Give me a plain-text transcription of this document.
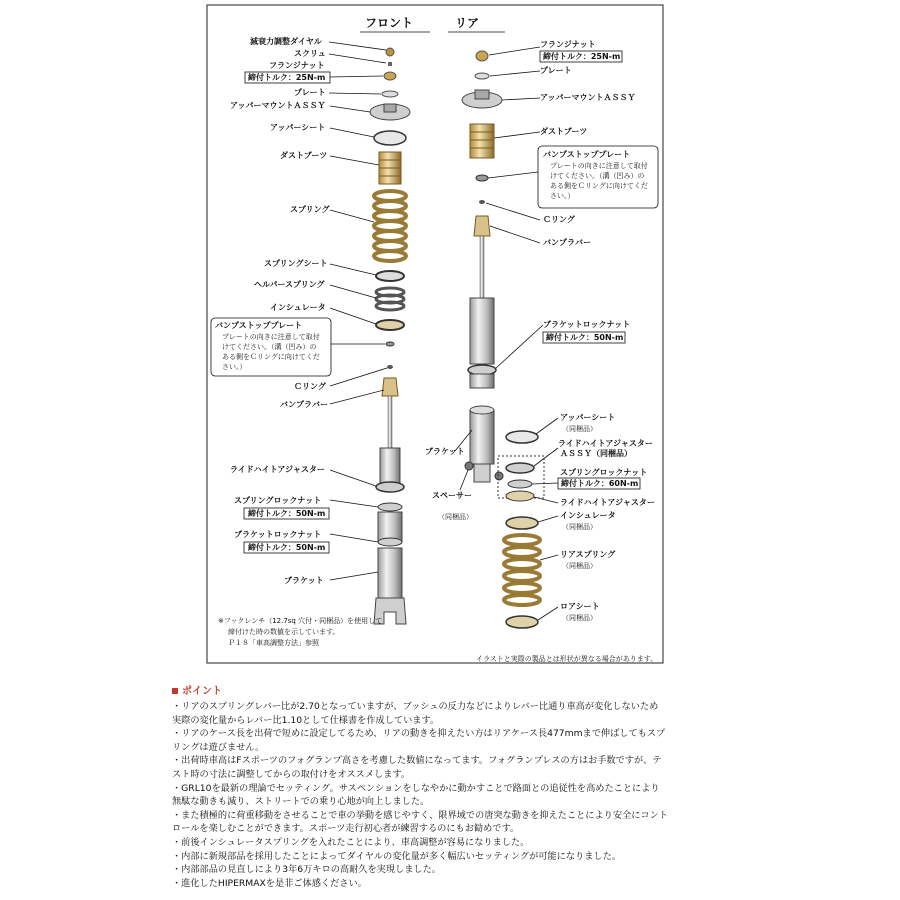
フロント	リア
減衰力調整ダイヤル
スクリュ
フランジナット
締付トルク：25N-m
プレート
アッパーマウントＡＳＳＹ
アッパーシート
ダストブーツ
スプリング
スプリングシート
ヘルパースプリング
インシュレータ
バンプストッププレート
プレートの向きに注意して取付
けてください。（溝（凹み）の
ある側をＣリングに向けてくだ
さい。）
Ｃリング
バンプラバー
ライドハイトアジャスター
スプリングロックナット
締付トルク：50N-m
ブラケットロックナット
締付トルク：50N-m
ブラケット
※フックレンチ（12.7sq 穴付・同梱品）を使用して
締付けた時の数値を示しています。
Ｐ１８「車高調整方法」参照
フランジナット
締付トルク：25N-m
プレート
アッパーマウントＡＳＳＹ
ダストブーツ
バンプストッププレート
プレートの向きに注意して取付
けてください。（溝（凹み）の
ある側をＣリングに向けてくだ
さい。）
Ｃリング
バンプラバー
ブラケットロックナット
締付トルク：50N-m
ブラケット
スペーサー
（同梱品）
アッパーシート
（同梱品）
ライドハイトアジャスター
ＡＳＳＹ（同梱品）
スプリングロックナット
締付トルク：60N-m
ライドハイトアジャスター
インシュレータ
（同梱品）
リアスプリング
（同梱品）
ロアシート
（同梱品）
イラストと実際の製品とは形状が異なる場合があります。
ポイント
・リアのスプリングレバー比が2.70となっていますが、ブッシュの反力などによりレバー比通り車高が変化しないため
実際の変化量からレバー比1.10として仕様書を作成しています。
・リアのケース長を出荷で短めに設定してるため、リアの動きを抑えたい方はリアケース長477mmまで伸ばしてもスプ
リングは遊びません。
・出荷時車高はFスポーツのフォグランプ高さを考慮した数値になってます。フォグランプレスの方はお手数ですが、テ
スト時の寸法に調整してからの取付けをオススメします。
・GRL10を最新の理論でセッティング。サスペンションをしなやかに動かすことで路面との追従性を高めたことにより
無駄な動きも減り、ストリートでの乗り心地が向上しました。
・また積極的に荷重移動をさせることで車の挙動を感じやすく、限界域での唐突な動きを抑えたことにより安全にコント
ロールを楽しむことができます。スポーツ走行初心者が練習するのにもお勧めです。
・前後インシュレータスプリングを入れたことにより、車高調整が容易になりました。
・内部に新規部品を採用したことによってダイヤルの変化量が多く幅広いセッティングが可能になりました。
・内部部品の見直しにより3年6万キロの高耐久を実現しました。
・進化したHIPERMAXを是非ご体感ください。
